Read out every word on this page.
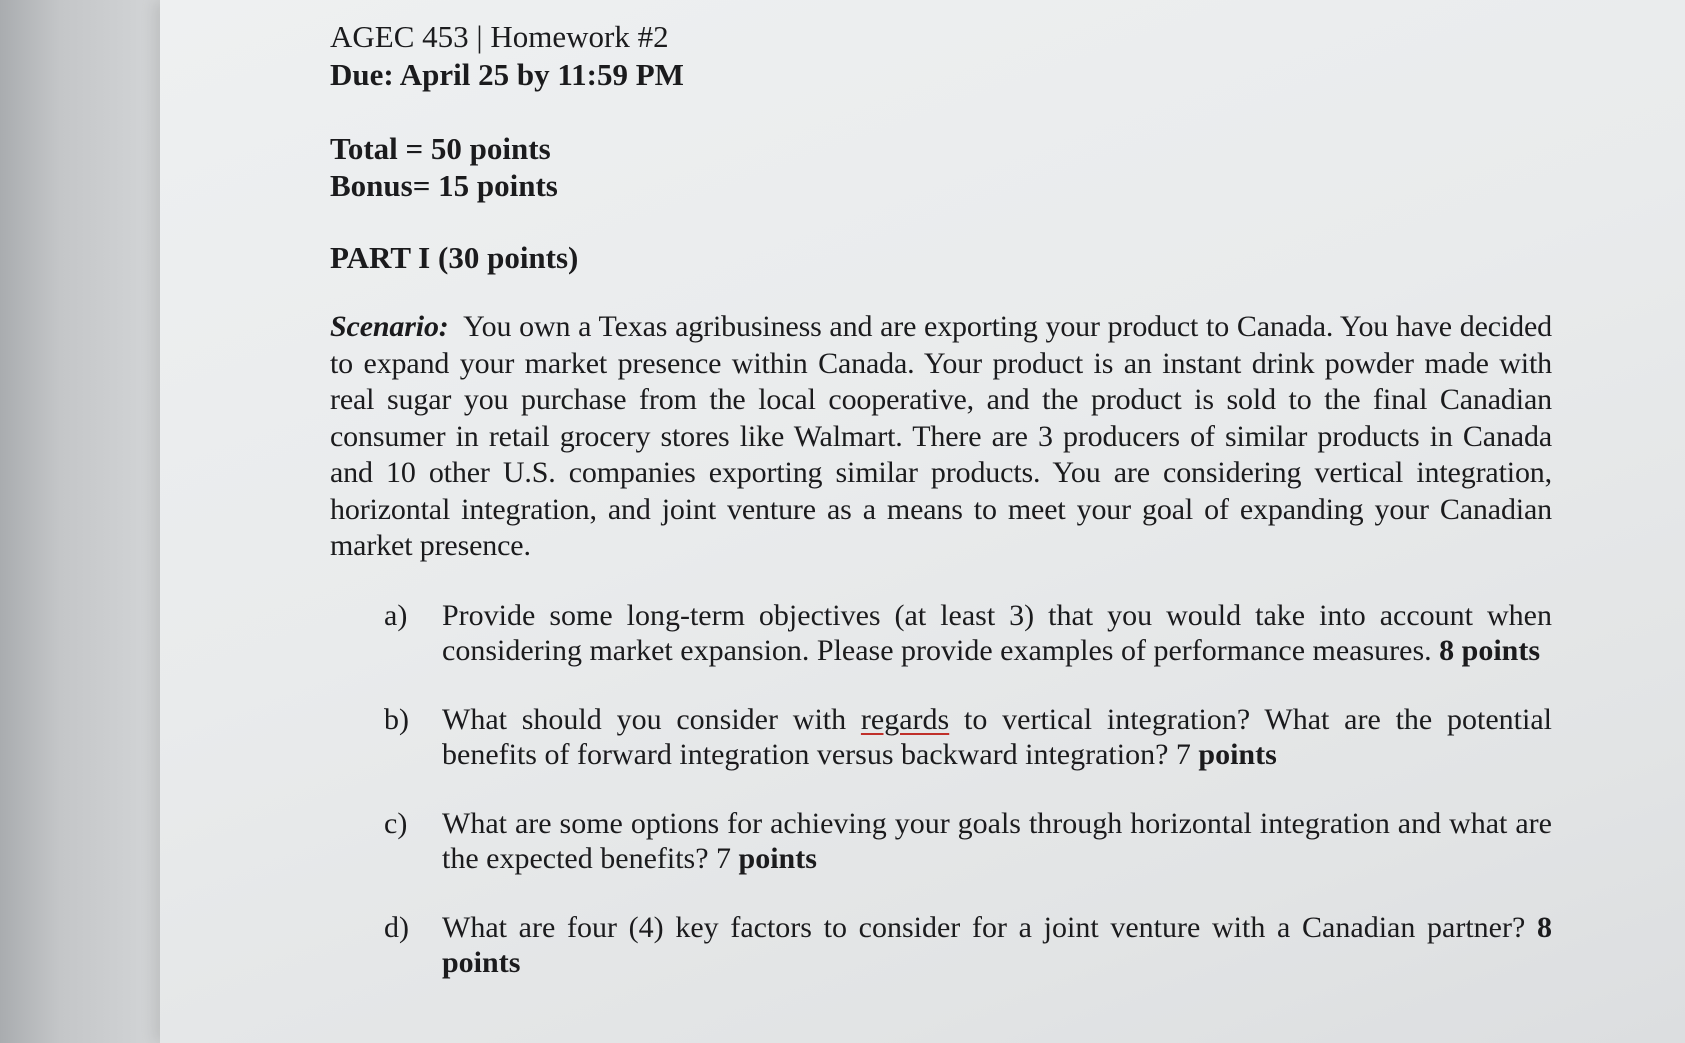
AGEC 453 | Homework #2

Due: April 25 by 11:59 PM

Total = 50 points

Bonus= 15 points

PART I (30 points)

Scenario: You own a Texas agribusiness and are exporting your product to Canada. You have decided to expand your market presence within Canada. Your product is an instant drink powder made with real sugar you purchase from the local cooperative, and the product is sold to the final Canadian consumer in retail grocery stores like Walmart. There are 3 producers of similar products in Canada and 10 other U.S. companies exporting similar products. You are considering vertical integration, horizontal integration, and joint venture as a means to meet your goal of expanding your Canadian market presence.

a)	Provide some long-term objectives (at least 3) that you would take into account when considering market expansion. Please provide examples of performance measures. 8 points
b)	What should you consider with regards to vertical integration? What are the potential benefits of forward integration versus backward integration? 7 points
c)	What are some options for achieving your goals through horizontal integration and what are the expected benefits? 7 points
d)	What are four (4) key factors to consider for a joint venture with a Canadian partner? 8 points
